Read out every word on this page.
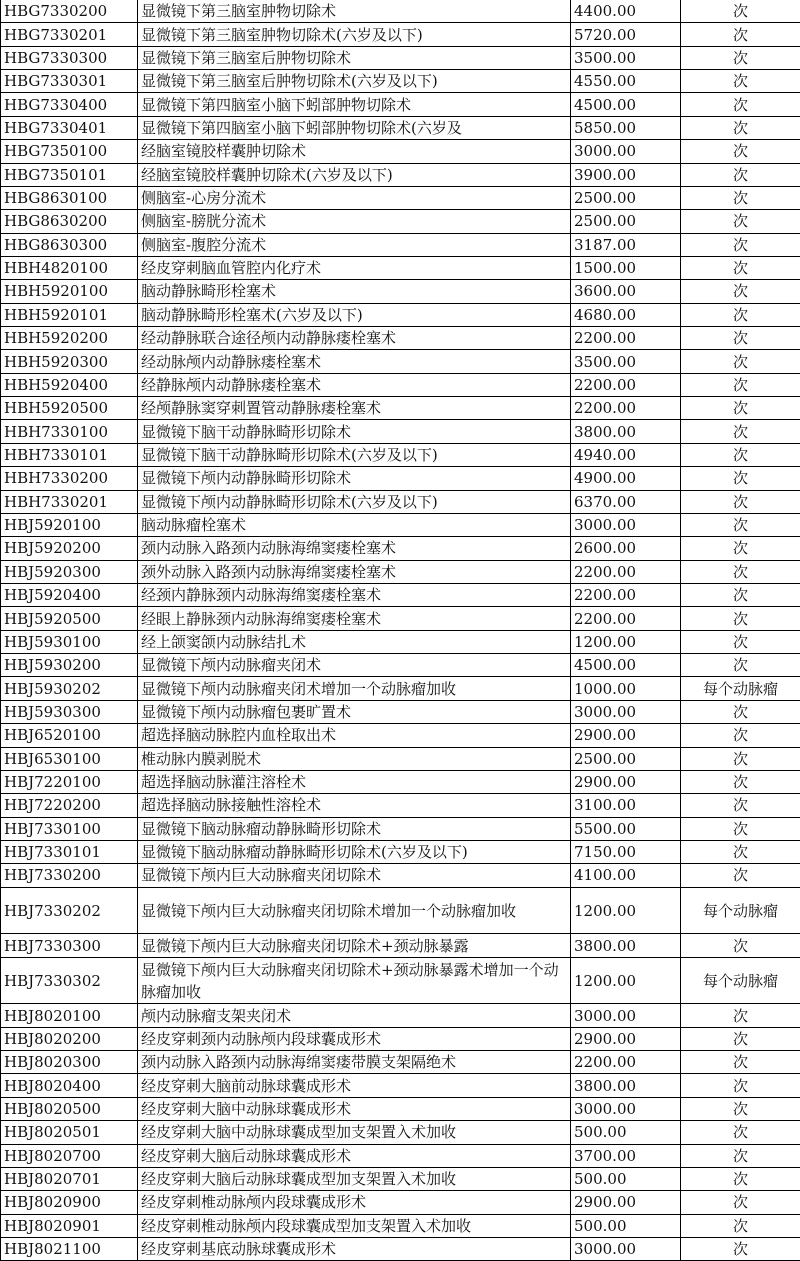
HBG7330200	显微镜下第三脑室肿物切除术	4400.00	次
HBG7330201	显微镜下第三脑室肿物切除术(六岁及以下)	5720.00	次
HBG7330300	显微镜下第三脑室后肿物切除术	3500.00	次
HBG7330301	显微镜下第三脑室后肿物切除术(六岁及以下)	4550.00	次
HBG7330400	显微镜下第四脑室小脑下蚓部肿物切除术	4500.00	次
HBG7330401	显微镜下第四脑室小脑下蚓部肿物切除术(六岁及	5850.00	次
HBG7350100	经脑室镜胶样囊肿切除术	3000.00	次
HBG7350101	经脑室镜胶样囊肿切除术(六岁及以下)	3900.00	次
HBG8630100	侧脑室-心房分流术	2500.00	次
HBG8630200	侧脑室-膀胱分流术	2500.00	次
HBG8630300	侧脑室-腹腔分流术	3187.00	次
HBH4820100	经皮穿刺脑血管腔内化疗术	1500.00	次
HBH5920100	脑动静脉畸形栓塞术	3600.00	次
HBH5920101	脑动静脉畸形栓塞术(六岁及以下)	4680.00	次
HBH5920200	经动静脉联合途径颅内动静脉瘘栓塞术	2200.00	次
HBH5920300	经动脉颅内动静脉瘘栓塞术	3500.00	次
HBH5920400	经静脉颅内动静脉瘘栓塞术	2200.00	次
HBH5920500	经颅静脉窦穿刺置管动静脉瘘栓塞术	2200.00	次
HBH7330100	显微镜下脑干动静脉畸形切除术	3800.00	次
HBH7330101	显微镜下脑干动静脉畸形切除术(六岁及以下)	4940.00	次
HBH7330200	显微镜下颅内动静脉畸形切除术	4900.00	次
HBH7330201	显微镜下颅内动静脉畸形切除术(六岁及以下)	6370.00	次
HBJ5920100	脑动脉瘤栓塞术	3000.00	次
HBJ5920200	颈内动脉入路颈内动脉海绵窦瘘栓塞术	2600.00	次
HBJ5920300	颈外动脉入路颈内动脉海绵窦瘘栓塞术	2200.00	次
HBJ5920400	经颈内静脉颈内动脉海绵窦瘘栓塞术	2200.00	次
HBJ5920500	经眼上静脉颈内动脉海绵窦瘘栓塞术	2200.00	次
HBJ5930100	经上颌窦颌内动脉结扎术	1200.00	次
HBJ5930200	显微镜下颅内动脉瘤夹闭术	4500.00	次
HBJ5930202	显微镜下颅内动脉瘤夹闭术增加一个动脉瘤加收	1000.00	每个动脉瘤
HBJ5930300	显微镜下颅内动脉瘤包裹旷置术	3000.00	次
HBJ6520100	超选择脑动脉腔内血栓取出术	2900.00	次
HBJ6530100	椎动脉内膜剥脱术	2500.00	次
HBJ7220100	超选择脑动脉灌注溶栓术	2900.00	次
HBJ7220200	超选择脑动脉接触性溶栓术	3100.00	次
HBJ7330100	显微镜下脑动脉瘤动静脉畸形切除术	5500.00	次
HBJ7330101	显微镜下脑动脉瘤动静脉畸形切除术(六岁及以下)	7150.00	次
HBJ7330200	显微镜下颅内巨大动脉瘤夹闭切除术	4100.00	次
HBJ7330202	显微镜下颅内巨大动脉瘤夹闭切除术增加一个动脉瘤加收	1200.00	每个动脉瘤
HBJ7330300	显微镜下颅内巨大动脉瘤夹闭切除术+颈动脉暴露	3800.00	次
HBJ7330302	显微镜下颅内巨大动脉瘤夹闭切除术+颈动脉暴露术增加一个动脉瘤加收	1200.00	每个动脉瘤
HBJ8020100	颅内动脉瘤支架夹闭术	3000.00	次
HBJ8020200	经皮穿刺颈内动脉颅内段球囊成形术	2900.00	次
HBJ8020300	颈内动脉入路颈内动脉海绵窦瘘带膜支架隔绝术	2200.00	次
HBJ8020400	经皮穿刺大脑前动脉球囊成形术	3800.00	次
HBJ8020500	经皮穿刺大脑中动脉球囊成形术	3000.00	次
HBJ8020501	经皮穿刺大脑中动脉球囊成型加支架置入术加收	500.00	次
HBJ8020700	经皮穿刺大脑后动脉球囊成形术	3700.00	次
HBJ8020701	经皮穿刺大脑后动脉球囊成型加支架置入术加收	500.00	次
HBJ8020900	经皮穿刺椎动脉颅内段球囊成形术	2900.00	次
HBJ8020901	经皮穿刺椎动脉颅内段球囊成型加支架置入术加收	500.00	次
HBJ8021100	经皮穿刺基底动脉球囊成形术	3000.00	次
